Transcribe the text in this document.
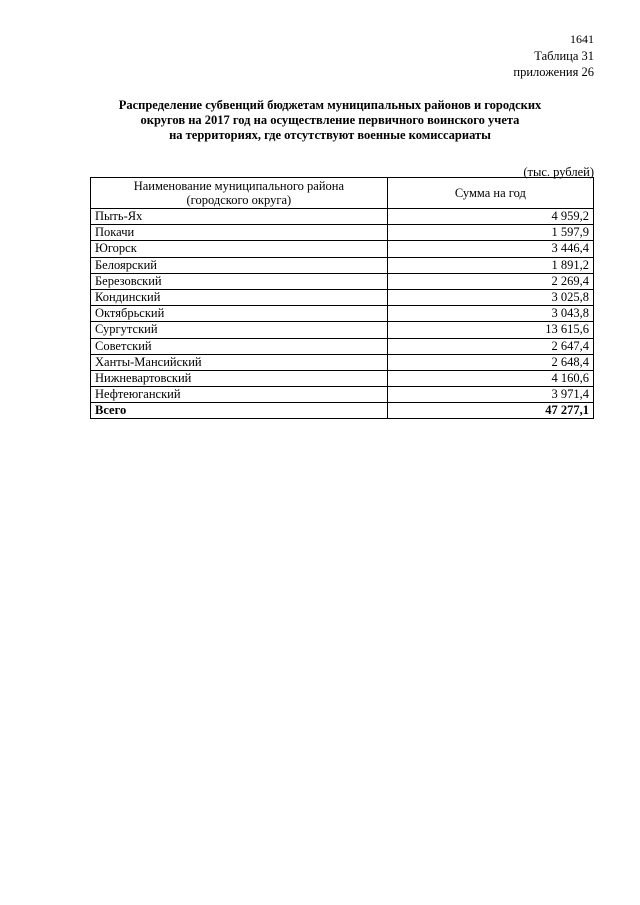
1641
Таблица 31
приложения 26
Распределение субвенций бюджетам муниципальных районов и городских
округов на 2017 год на осуществление первичного воинского учета
на территориях, где отсутствуют военные комиссариаты
(тыс. рублей)
Наименование муниципального района
(городского округа)	Сумма на год
Пыть-Ях	4 959,2
Покачи	1 597,9
Югорск	3 446,4
Белоярский	1 891,2
Березовский	2 269,4
Кондинский	3 025,8
Октябрьский	3 043,8
Сургутский	13 615,6
Советский	2 647,4
Ханты-Мансийский	2 648,4
Нижневартовский	4 160,6
Нефтеюганский	3 971,4
Всего	47 277,1
